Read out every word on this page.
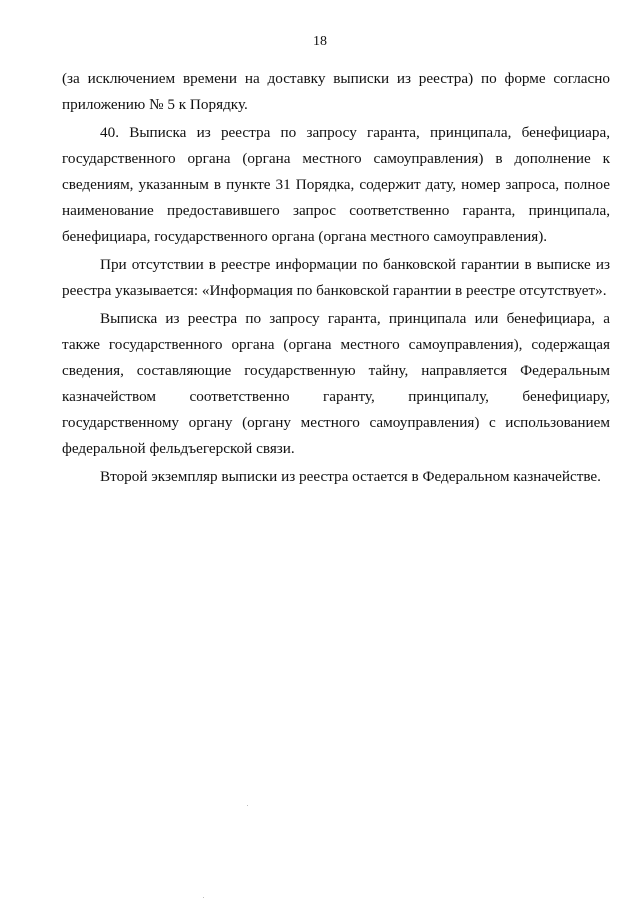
18

(за исключением времени на доставку выписки из реестра) по форме согласно приложению № 5 к Порядку.

40. Выписка из реестра по запросу гаранта, принципала, бенефициара, государственного органа (органа местного самоуправления) в дополнение к сведениям, указанным в пункте 31 Порядка, содержит дату, номер запроса, полное наименование предоставившего запрос соответственно гаранта, принципала, бенефициара, государственного органа (органа местного самоуправления).

При отсутствии в реестре информации по банковской гарантии в выписке из реестра указывается: «Информация по банковской гарантии в реестре отсутствует».

Выписка из реестра по запросу гаранта, принципала или бенефициара, а также государственного органа (органа местного самоуправления), содержащая сведения, составляющие государственную тайну, направляется Федеральным казначейством соответственно гаранту, принципалу, бенефициару, государственному органу (органу местного самоуправления) с использованием федеральной фельдъегерской связи.

Второй экземпляр выписки из реестра остается в Федеральном казначействе.
